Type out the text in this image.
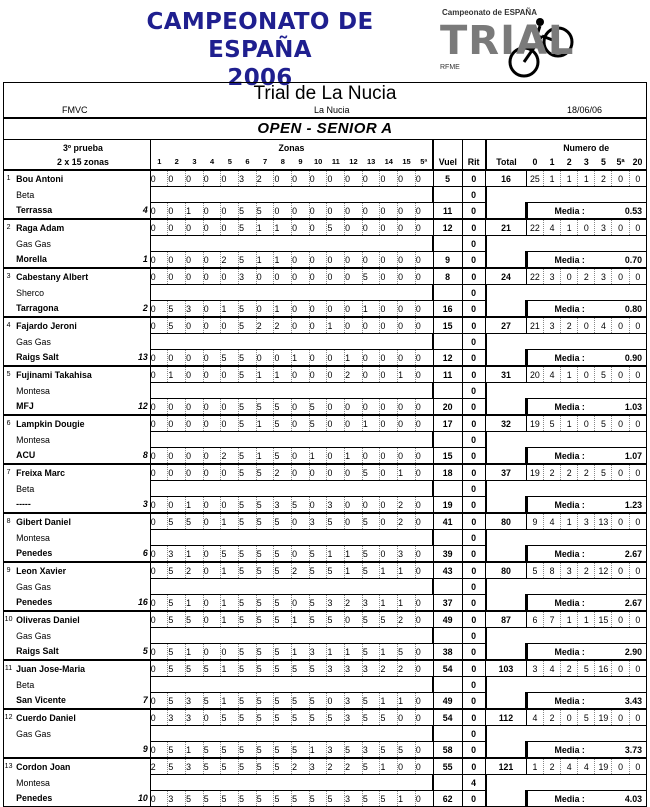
CAMPEONATO DE ESPAÑA
2006
Campeonato de ESPAÑA
TRIAL
RFME
Trial de La Nucia
FMVC	La Nucia	18/06/06
OPEN - SENIOR A
	3º prueba	Zonas																			Numero de						
	2 x 15 zonas	1	2	3	4	5	6	7	8	9	10	11	12	13	14	15	5ª	Vuel	Rit	Total	0	1	2	3	5	5ª	20
1	Bou Antoni	0	0	0	0	0	3	2	0	0	0	0	0	0	0	0	0	5	0	16	25	1	1	1	2	0	0
	Beta																		0								
	Terrassa 4	0	0	1	0	0	5	5	0	0	0	0	0	0	0	0	0	11	0		Media :				0.53		
2	Raga Adam	0	0	0	0	0	5	1	1	0	0	5	0	0	0	0	0	12	0	21	22	4	1	0	3	0	0
	Gas Gas																		0								
	Morella 1	0	0	0	0	2	5	1	1	0	0	0	0	0	0	0	0	9	0		Media :				0.70		
3	Cabestany Albert	0	0	0	0	0	3	0	0	0	0	0	0	5	0	0	0	8	0	24	22	3	0	2	3	0	0
	Sherco																		0								
	Tarragona 2	0	5	3	0	1	5	0	1	0	0	0	0	1	0	0	0	16	0		Media :				0.80		
4	Fajardo Jeroni	0	5	0	0	0	5	2	2	0	0	1	0	0	0	0	0	15	0	27	21	3	2	0	4	0	0
	Gas Gas																		0								
	Raigs Salt 13	0	0	0	0	5	5	0	0	1	0	0	1	0	0	0	0	12	0		Media :				0.90		
5	Fujinami Takahisa	0	1	0	0	0	5	1	1	0	0	0	2	0	0	1	0	11	0	31	20	4	1	0	5	0	0
	Montesa																		0								
	MFJ 12	0	0	0	0	0	5	5	5	0	5	0	0	0	0	0	0	20	0		Media :				1.03		
6	Lampkin Dougie	0	0	0	0	0	5	1	5	0	5	0	0	1	0	0	0	17	0	32	19	5	1	0	5	0	0
	Montesa																		0								
	ACU 8	0	0	0	0	2	5	1	5	0	1	0	1	0	0	0	0	15	0		Media :				1.07		
7	Freixa Marc	0	0	0	0	0	5	5	2	0	0	0	0	5	0	1	0	18	0	37	19	2	2	2	5	0	0
	Beta																		0								
	----- 3	0	0	1	0	0	5	5	3	5	0	3	0	0	0	2	0	19	0		Media :				1.23		
8	Gibert Daniel	0	5	5	0	1	5	5	5	0	3	5	0	5	0	2	0	41	0	80	9	4	1	3	13	0	0
	Montesa																		0								
	Penedes 6	0	3	1	0	5	5	5	5	0	5	1	1	5	0	3	0	39	0		Media :				2.67		
9	Leon Xavier	0	5	2	0	1	5	5	5	2	5	5	1	5	1	1	0	43	0	80	5	8	3	2	12	0	0
	Gas Gas																		0								
	Penedes 16	0	5	1	0	1	5	5	5	0	5	3	2	3	1	1	0	37	0		Media :				2.67		
10	Oliveras Daniel	0	5	5	0	1	5	5	5	1	5	5	0	5	5	2	0	49	0	87	6	7	1	1	15	0	0
	Gas Gas																		0								
	Raigs Salt 5	0	5	1	0	0	5	5	5	1	3	1	1	5	1	5	0	38	0		Media :				2.90		
11	Juan Jose-Maria	0	5	5	5	1	5	5	5	5	5	3	3	3	2	2	0	54	0	103	3	4	2	5	16	0	0
	Beta																		0								
	San Vicente 7	0	5	3	5	1	5	5	5	5	5	0	3	5	1	1	0	49	0		Media :				3.43		
12	Cuerdo Daniel	0	3	3	0	5	5	5	5	5	5	5	3	5	5	0	0	54	0	112	4	2	0	5	19	0	0
	Gas Gas																		0								

	9	0	5	1	5	5	5	5	5	5	1	3	5	3	5	5	0	58	0		Media :				3.73		
13	Cordon Joan	2	5	3	5	5	5	5	5	2	3	2	2	5	1	0	0	55	0	121	1	2	4	4	19	0	0
	Montesa																		4								
	Penedes 10	0	3	5	5	5	5	5	5	5	5	5	3	5	5	1	0	62	0		Media :				4.03		
